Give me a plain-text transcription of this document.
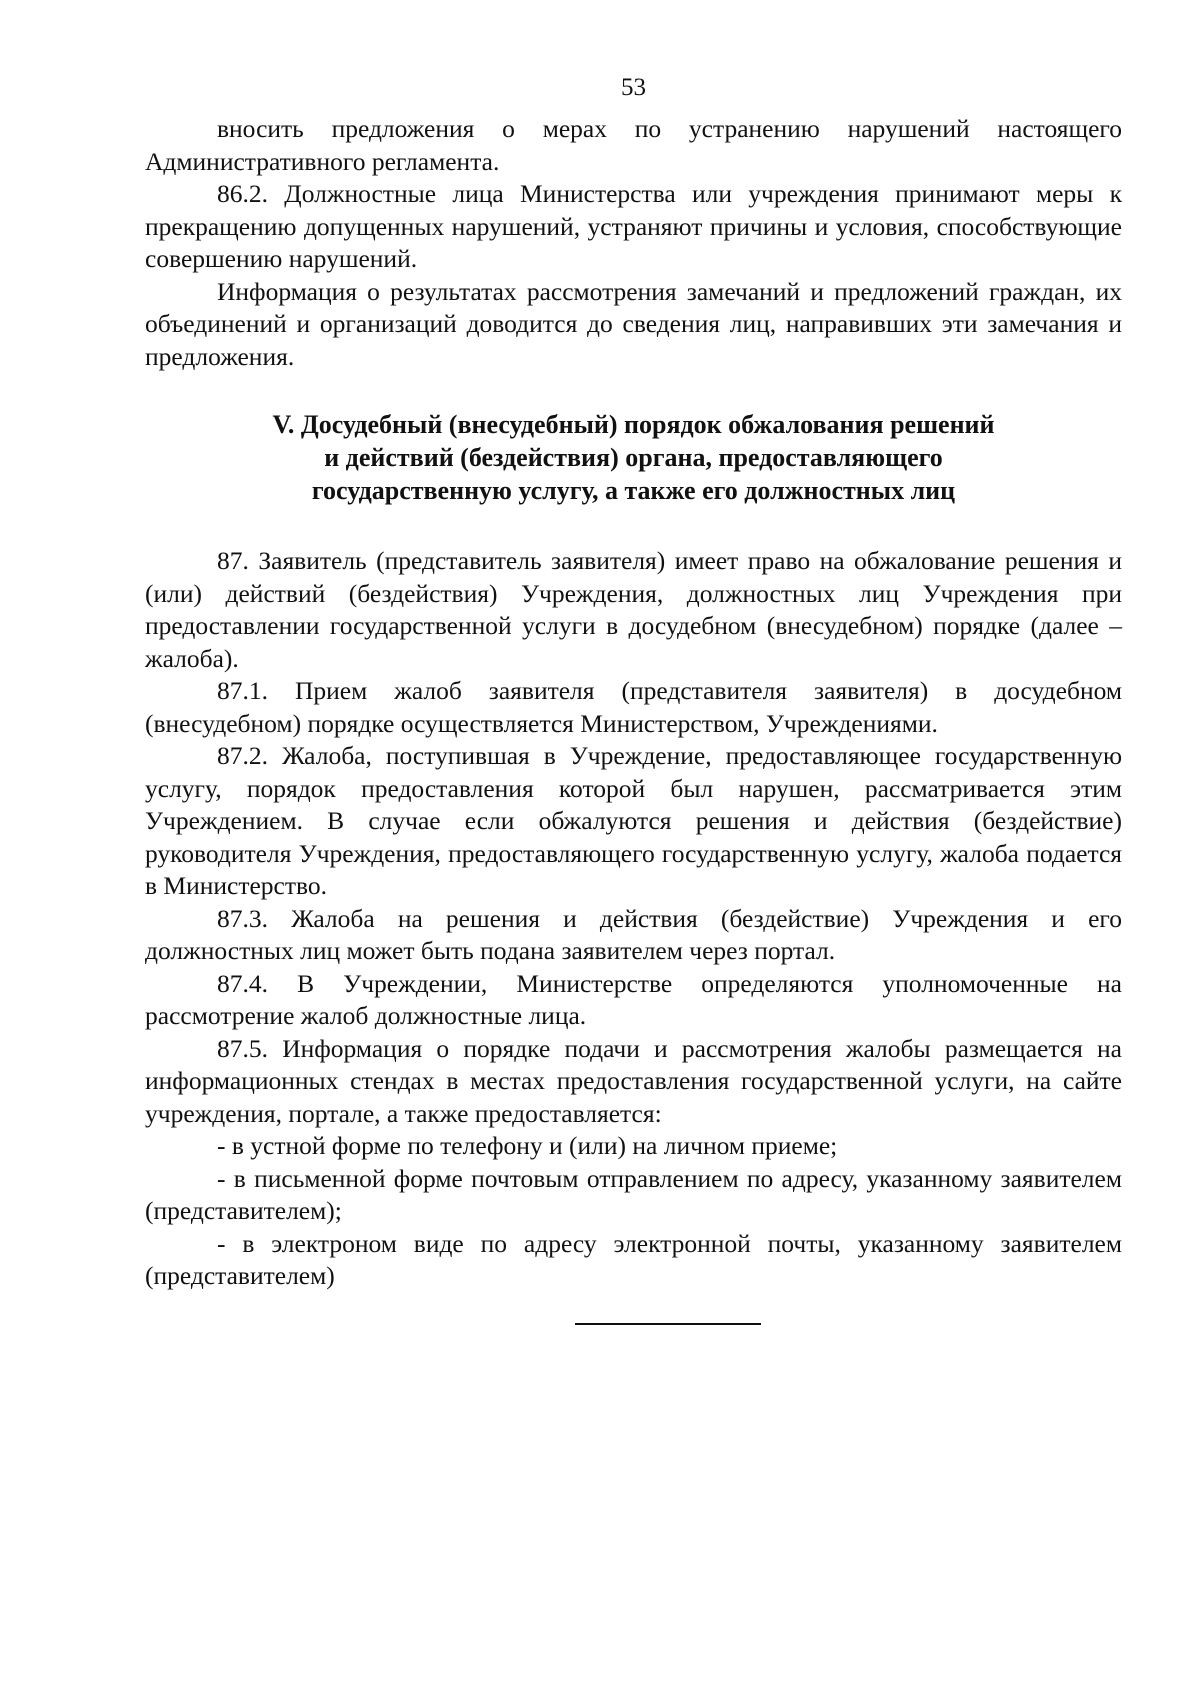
53

вносить предложения о мерах по устранению нарушений настоящего Административного регламента.

86.2. Должностные лица Министерства или учреждения принимают меры к прекращению допущенных нарушений, устраняют причины и условия, способствующие совершению нарушений.

Информация о результатах рассмотрения замечаний и предложений граждан, их объединений и организаций доводится до сведения лиц, направивших эти замечания и предложения.

V. Досудебный (внесудебный) порядок обжалования решений
и действий (бездействия) органа, предоставляющего
государственную услугу, а также его должностных лиц

87. Заявитель (представитель заявителя) имеет право на обжалование решения и (или) действий (бездействия) Учреждения, должностных лиц Учреждения при предоставлении государственной услуги в досудебном (внесудебном) порядке (далее – жалоба).

87.1. Прием жалоб заявителя (представителя заявителя) в досудебном (внесудебном) порядке осуществляется Министерством, Учреждениями.

87.2. Жалоба, поступившая в Учреждение, предоставляющее государственную услугу, порядок предоставления которой был нарушен, рассматривается этим Учреждением. В случае если обжалуются решения и действия (бездействие) руководителя Учреждения, предоставляющего государственную услугу, жалоба подается в Министерство.

87.3. Жалоба на решения и действия (бездействие) Учреждения и его должностных лиц может быть подана заявителем через портал.

87.4. В Учреждении, Министерстве определяются уполномоченные на рассмотрение жалоб должностные лица.

87.5. Информация о порядке подачи и рассмотрения жалобы размещается на информационных стендах в местах предоставления государственной услуги, на сайте учреждения, портале, а также предоставляется:

- в устной форме по телефону и (или) на личном приеме;

- в письменной форме почтовым отправлением по адресу, указанному заявителем (представителем);

- в электроном виде по адресу электронной почты, указанному заявителем (представителем)
